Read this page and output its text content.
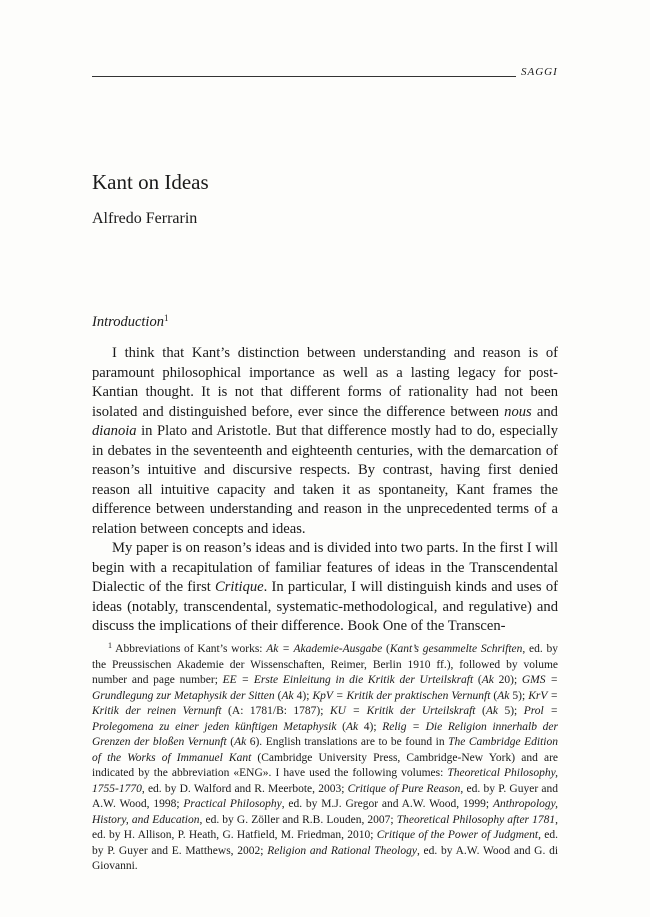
SAGGI
Kant on Ideas
Alfredo Ferrarin
Introduction$^1$

I think that Kant’s distinction between understanding and reason is of paramount philosophical importance as well as a lasting legacy for post-Kantian thought. It is not that different forms of rationality had not been isolated and distinguished before, ever since the difference between nous and dianoia in Plato and Aristotle. But that difference mostly had to do, especially in debates in the seventeenth and eighteenth centuries, with the demarcation of reason’s intuitive and discursive respects. By contrast, having first denied reason all intuitive capacity and taken it as spontaneity, Kant frames the difference between understanding and reason in the unprecedented terms of a relation between concepts and ideas.

My paper is on reason’s ideas and is divided into two parts. In the first I will begin with a recapitulation of familiar features of ideas in the Transcendental Dialectic of the first Critique. In particular, I will distinguish kinds and uses of ideas (notably, transcendental, systematic-methodological, and regulative) and discuss the implications of their difference. Book One of the Transcen-

$^1$ Abbreviations of Kant’s works: Ak = Akademie-Ausgabe (Kant’s gesammelte Schriften, ed. by the Preussischen Akademie der Wissenschaften, Reimer, Berlin 1910 ff.), followed by volume number and page number; EE = Erste Einleitung in die Kritik der Urteilskraft (Ak 20); GMS = Grundlegung zur Metaphysik der Sitten (Ak 4); KpV = Kritik der praktischen Vernunft (Ak 5); KrV = Kritik der reinen Vernunft (A: 1781/B: 1787); KU = Kritik der Urteilskraft (Ak 5); Prol = Prolegomena zu einer jeden künftigen Metaphysik (Ak 4); Relig = Die Religion innerhalb der Grenzen der bloßen Vernunft (Ak 6). English translations are to be found in The Cambridge Edition of the Works of Immanuel Kant (Cambridge University Press, Cambridge-New York) and are indicated by the abbreviation «ENG». I have used the following volumes: Theoretical Philosophy, 1755-1770, ed. by D. Walford and R. Meerbote, 2003; Critique of Pure Reason, ed. by P. Guyer and A.W. Wood, 1998; Practical Philosophy, ed. by M.J. Gregor and A.W. Wood, 1999; Anthropology, History, and Education, ed. by G. Zöller and R.B. Louden, 2007; Theoretical Philosophy after 1781, ed. by H. Allison, P. Heath, G. Hatfield, M. Friedman, 2010; Critique of the Power of Judgment, ed. by P. Guyer and E. Matthews, 2002; Religion and Rational Theology, ed. by A.W. Wood and G. di Giovanni.
